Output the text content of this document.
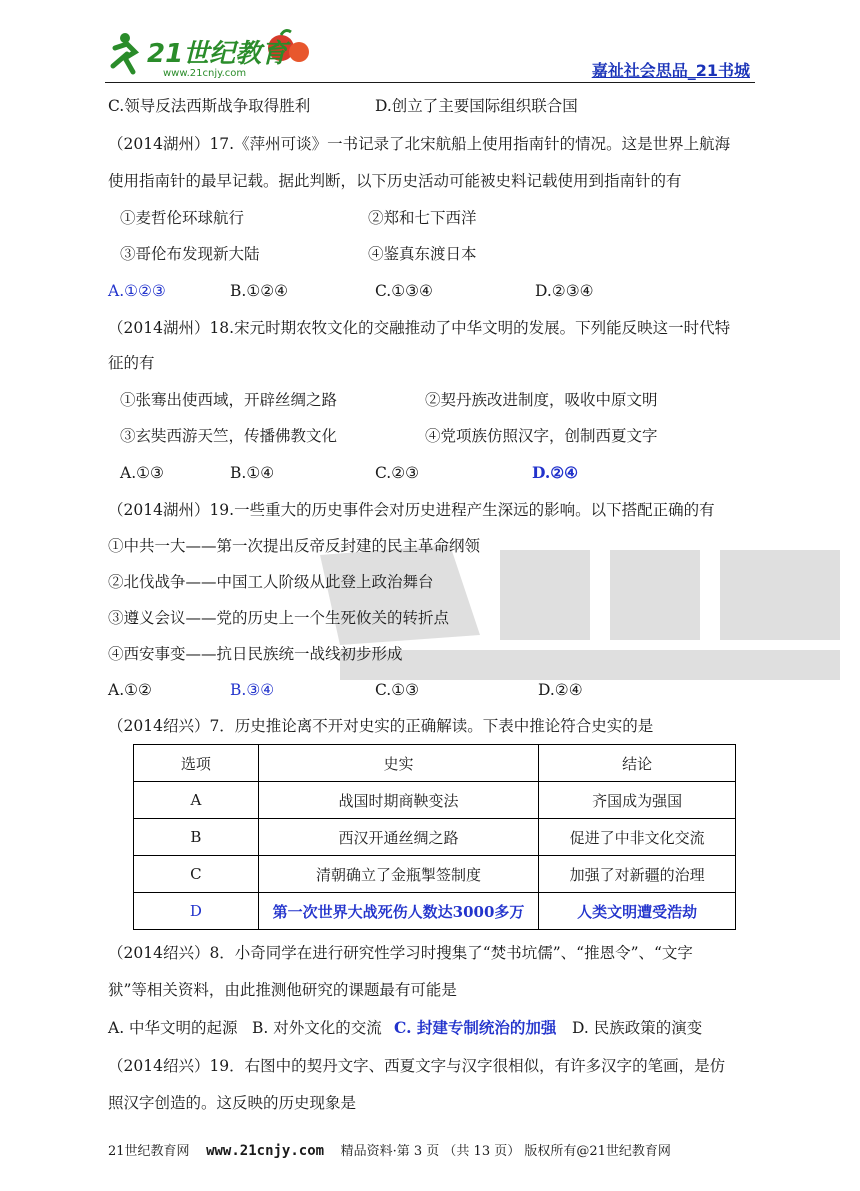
21世纪教育
www.21cnjy.com	嘉祉社会思品_21书城
C.领导反法西斯战争取得胜利	D.创立了主要国际组织联合国
（2014湖州）17.《萍州可谈》一书记录了北宋航船上使用指南针的情况。这是世界上航海
使用指南针的最早记载。据此判断，以下历史活动可能被史料记载使用到指南针的有
①麦哲伦环球航行	②郑和七下西洋
③哥伦布发现新大陆	④鉴真东渡日本
A.①②③	B.①②④	C.①③④	D.②③④
（2014湖州）18.宋元时期农牧文化的交融推动了中华文明的发展。下列能反映这一时代特
征的有
①张骞出使西域，开辟丝绸之路	②契丹族改进制度，吸收中原文明
③玄奘西游天竺，传播佛教文化	④党项族仿照汉字，创制西夏文字
A.①③	B.①④	C.②③	D.②④
（2014湖州）19.一些重大的历史事件会对历史进程产生深远的影响。以下搭配正确的有
①中共一大——第一次提出反帝反封建的民主革命纲领
②北伐战争——中国工人阶级从此登上政治舞台
③遵义会议——党的历史上一个生死攸关的转折点
④西安事变——抗日民族统一战线初步形成
A.①②	B.③④	C.①③	D.②④
（2014绍兴）7．历史推论离不开对史实的正确解读。下表中推论符合史实的是
选项	史实	结论
A	战国时期商鞅变法	齐国成为强国
B	西汉开通丝绸之路	促进了中非文化交流
C	清朝确立了金瓶掣签制度	加强了对新疆的治理
D	第一次世界大战死伤人数达3000多万	人类文明遭受浩劫
（2014绍兴）8．小奇同学在进行研究性学习时搜集了“焚书坑儒”、“推恩令”、“文字
狱”等相关资料，由此推测他研究的课题最有可能是
A. 中华文明的起源 B. 对外文化的交流 C. 封建专制统治的加强 D. 民族政策的演变
（2014绍兴）19．右图中的契丹文字、西夏文字与汉字很相似，有许多汉字的笔画，是仿
照汉字创造的。这反映的历史现象是
21世纪教育网 www.21cnjy.com 精品资料·第 3 页 （共 13 页） 版权所有@21世纪教育网
